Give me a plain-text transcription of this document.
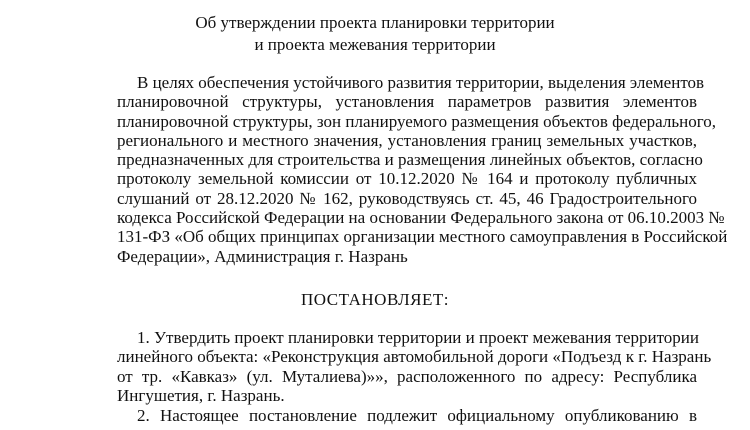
Об утверждении проекта планировки территории
и проекта межевания территории
В целях обеспечения устойчивого развития территории, выделения элементов
планировочной структуры, установления параметров развития элементов
планировочной структуры, зон планируемого размещения объектов федерального,
регионального и местного значения, установления границ земельных участков,
предназначенных для строительства и размещения линейных объектов, согласно
протоколу земельной комиссии от 10.12.2020 № 164 и протоколу публичных
слушаний от 28.12.2020 № 162, руководствуясь ст. 45, 46 Градостроительного
кодекса Российской Федерации на основании Федерального закона от 06.10.2003 №
131-ФЗ «Об общих принципах организации местного самоуправления в Российской
Федерации», Администрация г. Назрань
ПОСТАНОВЛЯЕТ:
1. Утвердить проект планировки территории и проект межевания территории
линейного объекта: «Реконструкция автомобильной дороги «Подъезд к г. Назрань
от тр. «Кавказ» (ул. Муталиева)»», расположенного по адресу: Республика
Ингушетия, г. Назрань.
2. Настоящее постановление подлежит официальному опубликованию в
